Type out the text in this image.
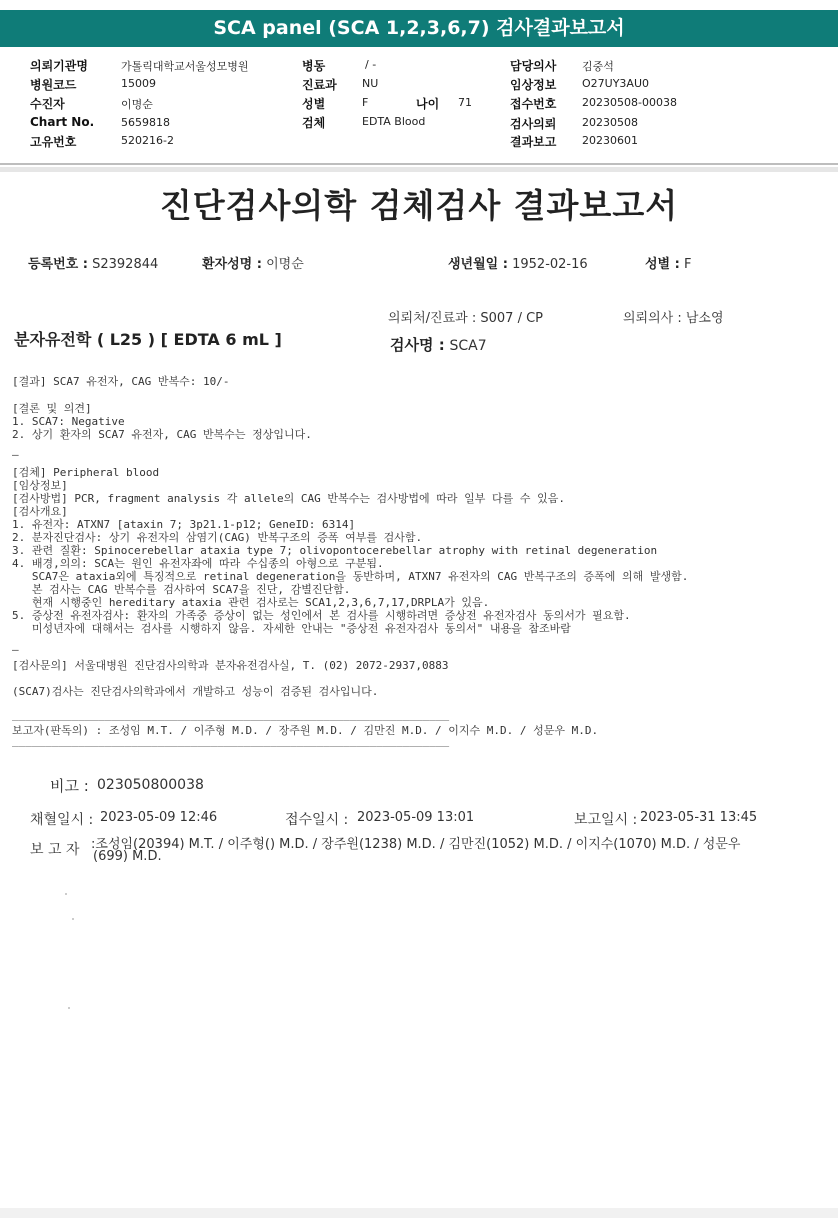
SCA panel (SCA 1,2,3,6,7) 검사결과보고서
의뢰기관명	가톨릭대학교서울성모병원
병원코드	15009
수진자	이명순
Chart No. 5659818
고유번호	520216-2
병동	/ -
진료과 NU
성별	F	나이 71
검체	EDTA Blood
담당의사 김중석
임상정보 O27UY3AU0
접수번호 20230508-00038
검사의뢰 20230508
결과보고 20230601
진단검사의학 검체검사 결과보고서
등록번호 : S2392844	환자성명 : 이명순	생년월일 : 1952-02-16	성별 : F
의뢰처/진료과 : S007 / CP	의뢰의사 : 남소영
분자유전학 ( L25 ) [ EDTA 6 mL ]	검사명 : SCA7
[결과] SCA7 유전자, CAG 반복수: 10/-
[결론 및 의견]
1. SCA7: Negative
2. 상기 환자의 SCA7 유전자, CAG 반복수는 정상입니다.
—
[검체] Peripheral blood
[임상정보]
[검사방법] PCR, fragment analysis 각 allele의 CAG 반복수는 검사방법에 따라 일부 다를 수 있음.
[검사개요]
1. 유전자: ATXN7 [ataxin 7; 3p21.1-p12; GeneID: 6314]
2. 분자진단검사: 상기 유전자의 삼염기(CAG) 반복구조의 증폭 여부를 검사함.
3. 관련 질환: Spinocerebellar ataxia type 7; olivopontocerebellar atrophy with retinal degeneration
4. 배경,의의: SCA는 원인 유전자좌에 따라 수십종의 아형으로 구분됨.
SCA7은 ataxia외에 특징적으로 retinal degeneration을 동반하며, ATXN7 유전자의 CAG 반복구조의 증폭에 의해 발생함.
본 검사는 CAG 반복수를 검사하여 SCA7을 진단, 감별진단함.
현재 시행중인 hereditary ataxia 관련 검사로는 SCA1,2,3,6,7,17,DRPLA가 있음.
5. 증상전 유전자검사: 환자의 가족중 증상이 없는 성인에서 본 검사를 시행하려면 증상전 유전자검사 동의서가 필요함.
미성년자에 대해서는 검사를 시행하지 않음. 자세한 안내는 "증상전 유전자검사 동의서" 내용을 참조바람
—
[검사문의] 서울대병원 진단검사의학과 분자유전검사실, T. (02) 2072-2937,0883
(SCA7)검사는 진단검사의학과에서 개발하고 성능이 검증된 검사입니다.
__________________________________________________________________
보고자(판독의) : 조성임 M.T. / 이주형 M.D. / 장주원 M.D. / 김만진 M.D. / 이지수 M.D. / 성문우 M.D.
__________________________________________________________________
비고 : 023050800038
채혈일시 : 2023-05-09 12:46	접수일시 : 2023-05-09 13:01	보고일시 : 2023-05-31 13:45
보 고 자 :조성임(20394) M.T. / 이주형() M.D. / 장주원(1238) M.D. / 김만진(1052) M.D. / 이지수(1070) M.D. / 성문우
(699) M.D.
